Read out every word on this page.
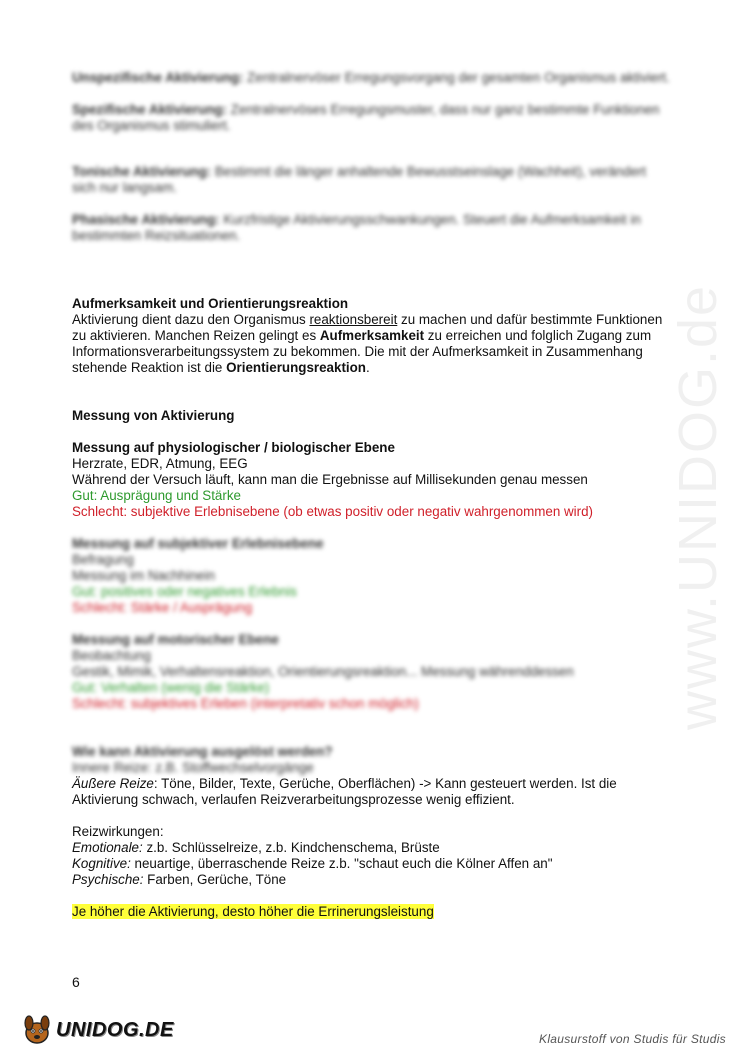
www.UNIDOG.de

Unspezifische Aktivierung: Zentralnervöser Erregungsvorgang der gesamten Organismus aktiviert.

Spezifische Aktivierung: Zentralnervöses Erregungsmuster, dass nur ganz bestimmte Funktionen des Organismus stimuliert.

Tonische Aktivierung: Bestimmt die länger anhaltende Bewusstseinslage (Wachheit), verändert sich nur langsam.

Phasische Aktivierung: Kurzfristige Aktivierungsschwankungen. Steuert die Aufmerksamkeit in bestimmten Reizsituationen.

Aufmerksamkeit und Orientierungsreaktion

Aktivierung dient dazu den Organismus reaktionsbereit zu machen und dafür bestimmte Funktionen zu aktivieren. Manchen Reizen gelingt es Aufmerksamkeit zu erreichen und folglich Zugang zum Informationsverarbeitungssystem zu bekommen. Die mit der Aufmerksamkeit in Zusammenhang stehende Reaktion ist die Orientierungsreaktion.

Messung von Aktivierung

Messung auf physiologischer / biologischer Ebene

Herzrate, EDR, Atmung, EEG

Während der Versuch läuft, kann man die Ergebnisse auf Millisekunden genau messen

Gut: Ausprägung und Stärke

Schlecht: subjektive Erlebnisebene (ob etwas positiv oder negativ wahrgenommen wird)

Messung auf subjektiver Erlebnisebene

Befragung

Messung im Nachhinein

Gut: positives oder negatives Erlebnis

Schlecht: Stärke / Ausprägung

Messung auf motorischer Ebene

Beobachtung

Gestik, Mimik, Verhaltensreaktion, Orientierungsreaktion... Messung währenddessen

Gut: Verhalten (wenig die Stärke)

Schlecht: subjektives Erleben (interpretativ schon möglich)

Wie kann Aktivierung ausgelöst werden?

Innere Reize: z.B. Stoffwechselvorgänge

Äußere Reize: Töne, Bilder, Texte, Gerüche, Oberflächen) -> Kann gesteuert werden. Ist die Aktivierung schwach, verlaufen Reizverarbeitungsprozesse wenig effizient.

Reizwirkungen:

Emotionale: z.b. Schlüsselreize, z.b. Kindchenschema, Brüste

Kognitive: neuartige, überraschende Reize z.b. "schaut euch die Kölner Affen an"

Psychische: Farben, Gerüche, Töne

Je höher die Aktivierung, desto höher die Errinerungsleistung

6
UNIDOG.DE	Klausurstoff von Studis für Studis
